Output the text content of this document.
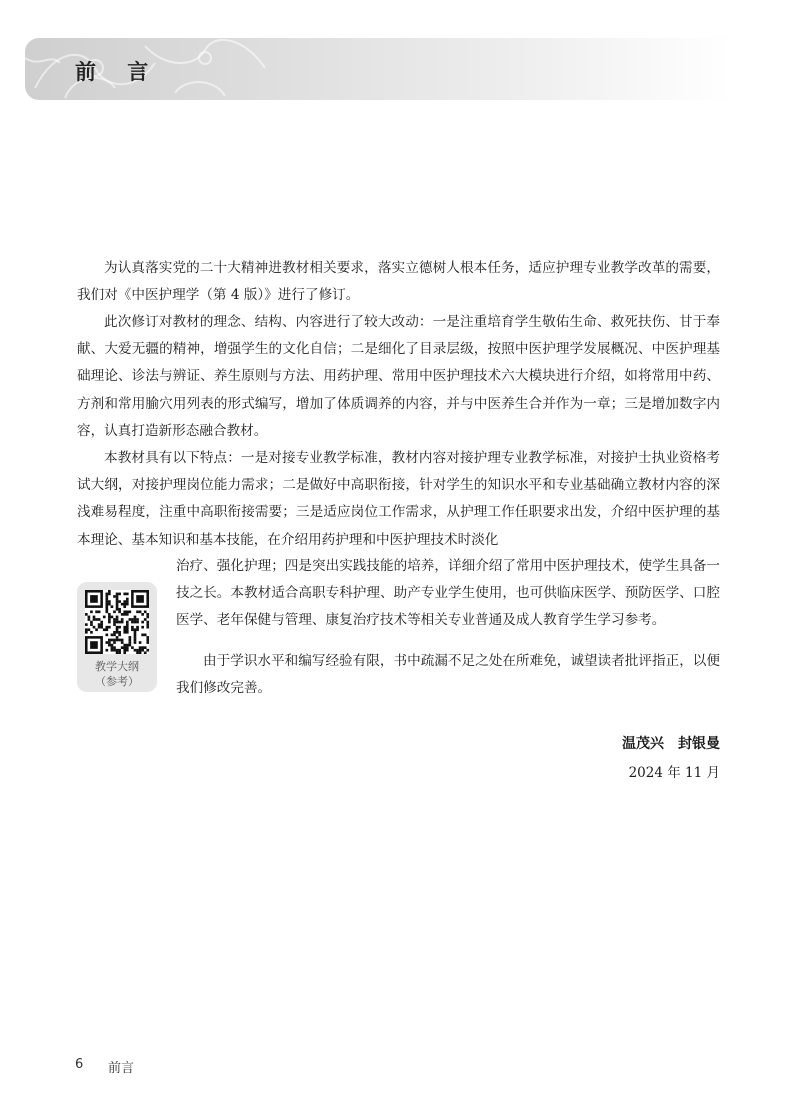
前 言

为认真落实党的二十大精神进教材相关要求，落实立德树人根本任务，适应护理专业教学改革的需要，我们对《中医护理学（第 4 版）》进行了修订。

此次修订对教材的理念、结构、内容进行了较大改动：一是注重培育学生敬佑生命、救死扶伤、甘于奉献、大爱无疆的精神，增强学生的文化自信；二是细化了目录层级，按照中医护理学发展概况、中医护理基础理论、诊法与辨证、养生原则与方法、用药护理、常用中医护理技术六大模块进行介绍，如将常用中药、方剂和常用腧穴用列表的形式编写，增加了体质调养的内容，并与中医养生合并作为一章；三是增加数字内容，认真打造新形态融合教材。

本教材具有以下特点：一是对接专业教学标准，教材内容对接护理专业教学标准，对接护士执业资格考试大纲，对接护理岗位能力需求；二是做好中高职衔接，针对学生的知识水平和专业基础确立教材内容的深浅难易程度，注重中高职衔接需要；三是适应岗位工作需求，从护理工作任职要求出发，介绍中医护理的基本理论、基本知识和基本技能，在介绍用药护理和中医护理技术时淡化

治疗、强化护理；四是突出实践技能的培养，详细介绍了常用中医护理技术，使学生具备一技之长。本教材适合高职专科护理、助产专业学生使用，也可供临床医学、预防医学、口腔医学、老年保健与管理、康复治疗技术等相关专业普通及成人教育学生学习参考。

由于学识水平和编写经验有限，书中疏漏不足之处在所难免，诚望读者批评指正，以便我们修改完善。

教学大纲
（参考）
温茂兴　封银曼
2024 年 11 月
6 前言
